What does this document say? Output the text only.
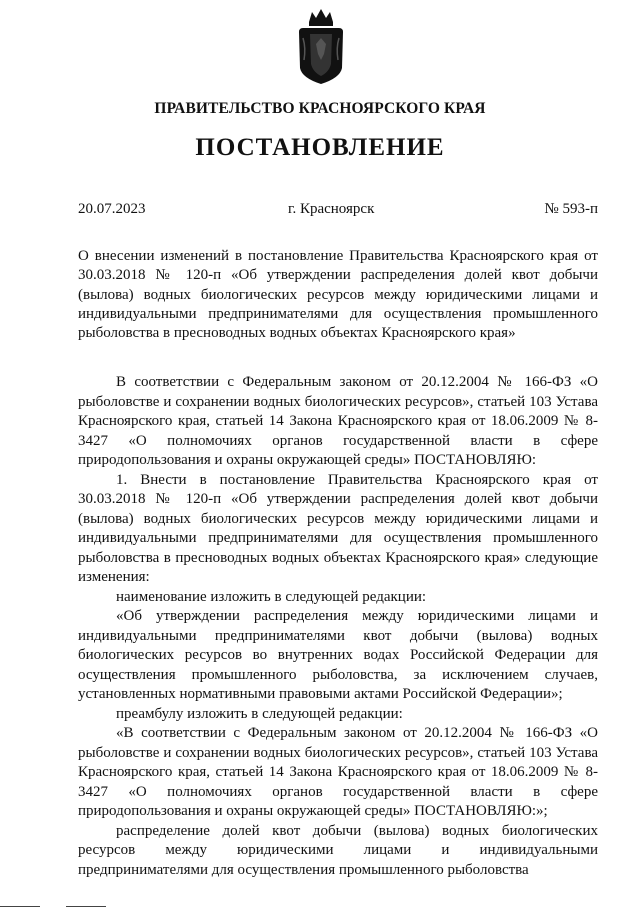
ПРАВИТЕЛЬСТВО КРАСНОЯРСКОГО КРАЯ
ПОСТАНОВЛЕНИЕ
20.07.2023	г. Красноярск	№ 593-п
О внесении изменений в постановление Правительства Красноярского края от 30.03.2018 № 120-п «Об утверждении распределения долей квот добычи (вылова) водных биологических ресурсов между юридическими лицами и индивидуальными предпринимателями для осуществления промышленного рыболовства в пресноводных водных объектах Красноярского края»

В соответствии с Федеральным законом от 20.12.2004 № 166-ФЗ «О рыболовстве и сохранении водных биологических ресурсов», статьей 103 Устава Красноярского края, статьей 14 Закона Красноярского края от 18.06.2009 № 8-3427 «О полномочиях органов государственной власти в сфере природопользования и охраны окружающей среды» ПОСТАНОВЛЯЮ:

1. Внести в постановление Правительства Красноярского края от 30.03.2018 № 120-п «Об утверждении распределения долей квот добычи (вылова) водных биологических ресурсов между юридическими лицами и индивидуальными предпринимателями для осуществления промышленного рыболовства в пресноводных водных объектах Красноярского края» следующие изменения:

наименование изложить в следующей редакции:

«Об утверждении распределения между юридическими лицами и индивидуальными предпринимателями квот добычи (вылова) водных биологических ресурсов во внутренних водах Российской Федерации для осуществления промышленного рыболовства, за исключением случаев, установленных нормативными правовыми актами Российской Федерации»;

преамбулу изложить в следующей редакции:

«В соответствии с Федеральным законом от 20.12.2004 № 166-ФЗ «О рыболовстве и сохранении водных биологических ресурсов», статьей 103 Устава Красноярского края, статьей 14 Закона Красноярского края от 18.06.2009 № 8-3427 «О полномочиях органов государственной власти в сфере природопользования и охраны окружающей среды» ПОСТАНОВЛЯЮ:»;

распределение долей квот добычи (вылова) водных биологических ресурсов между юридическими лицами и индивидуальными предпринимателями для осуществления промышленного рыболовства
